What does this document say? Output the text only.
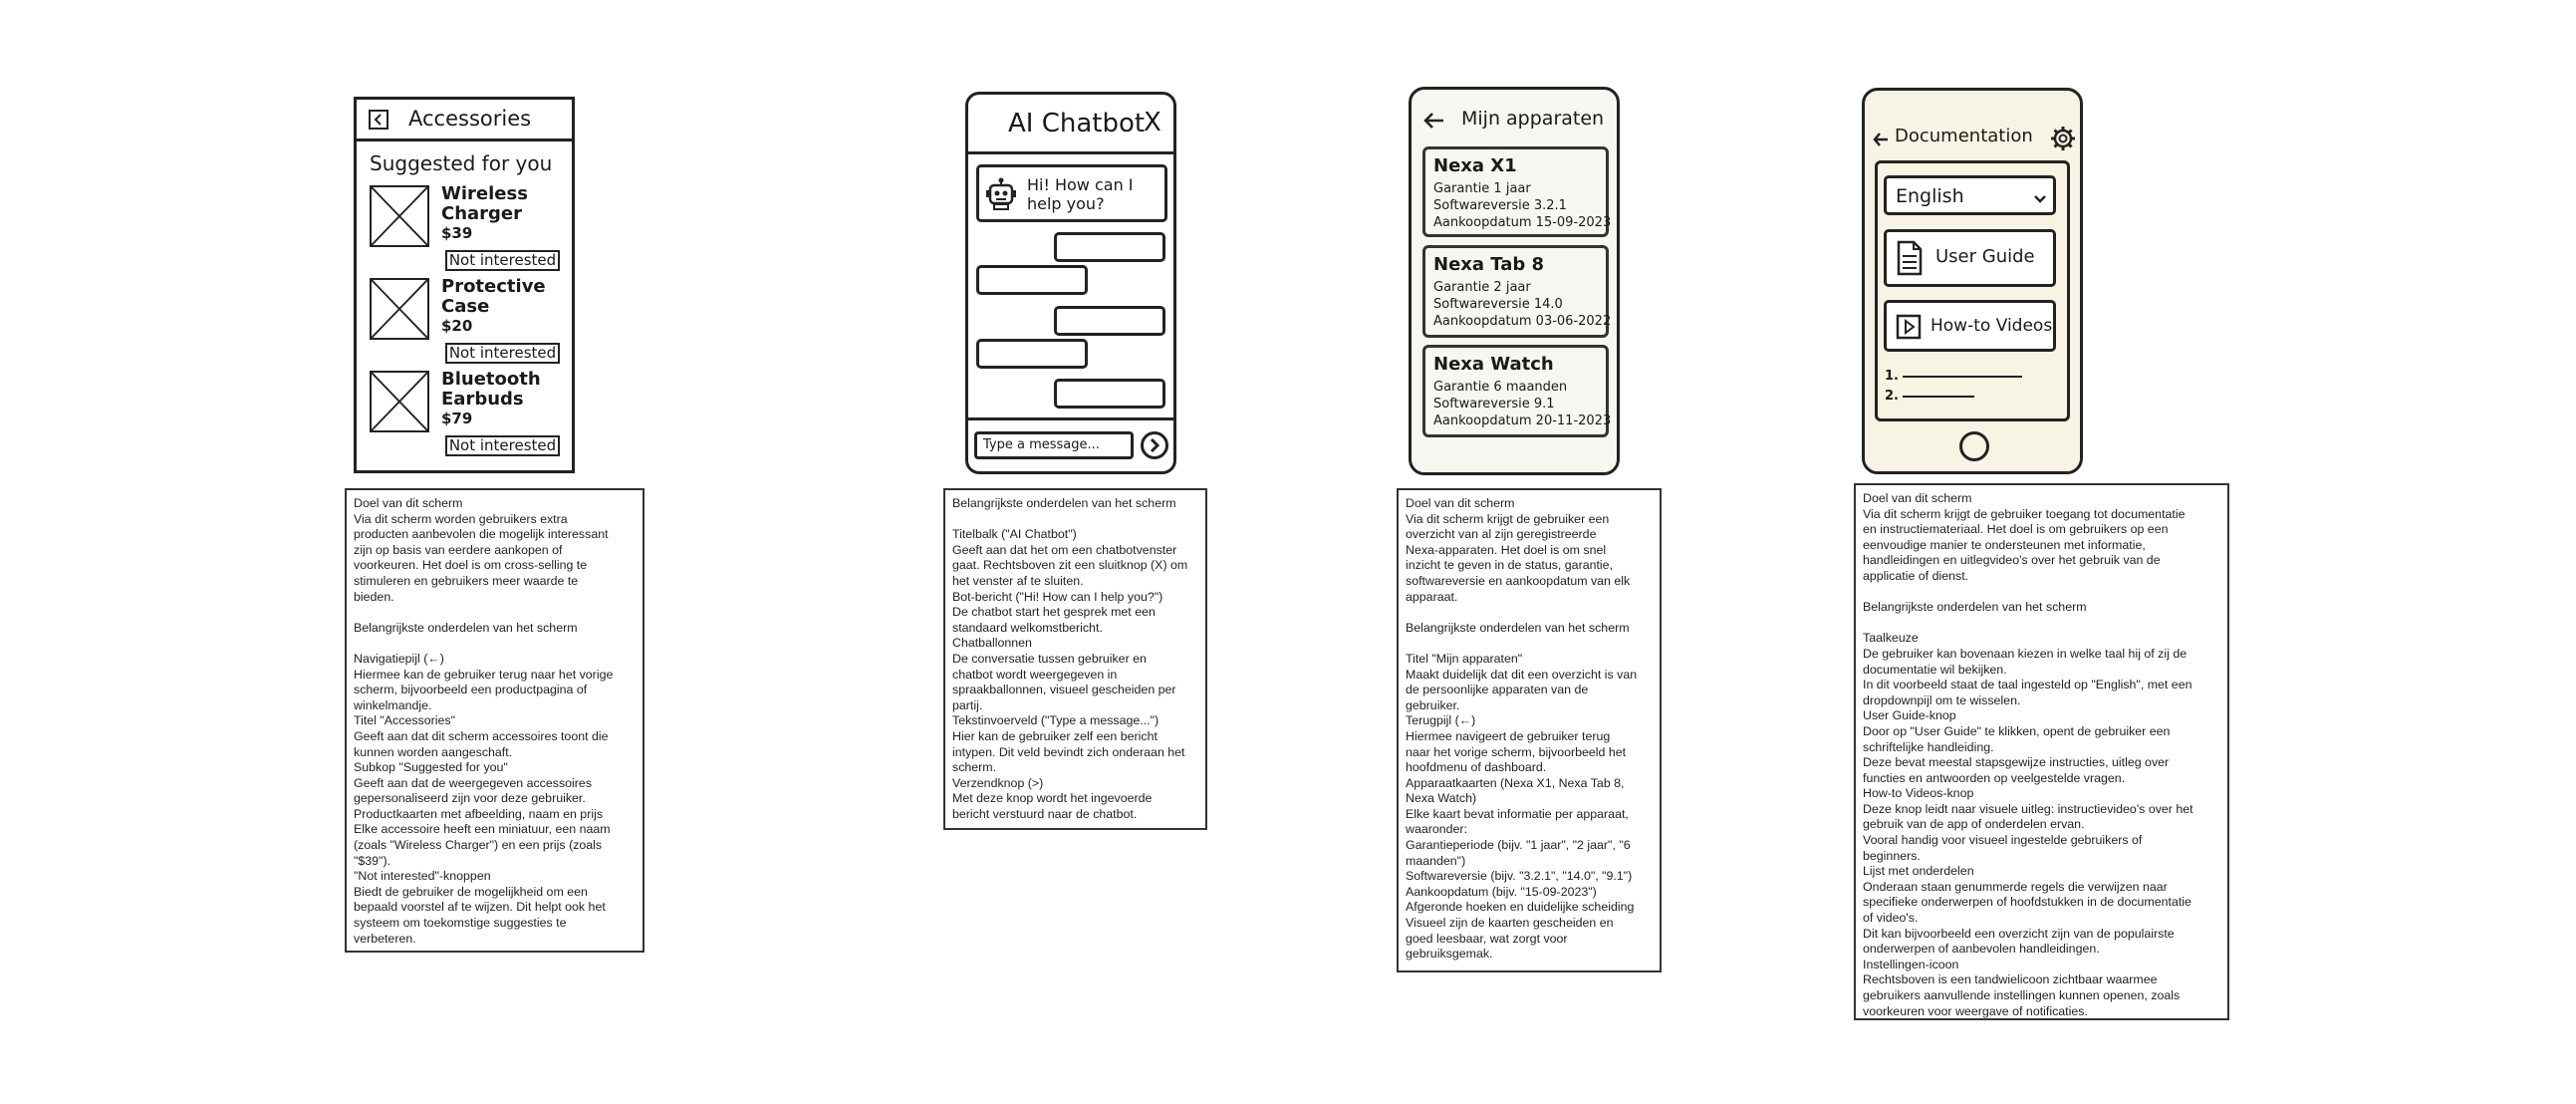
Accessories
Suggested for you
Wireless
Charger
$39
Not interested
Protective
Case
$20
Not interested
Bluetooth
Earbuds
$79
Not interested
Doel van dit scherm
Via dit scherm worden gebruikers extra
producten aanbevolen die mogelijk interessant
zijn op basis van eerdere aankopen of
voorkeuren. Het doel is om cross-selling te
stimuleren en gebruikers meer waarde te
bieden.

Belangrijkste onderdelen van het scherm

Navigatiepijl (←)
Hiermee kan de gebruiker terug naar het vorige
scherm, bijvoorbeeld een productpagina of
winkelmandje.
Titel "Accessories"
Geeft aan dat dit scherm accessoires toont die
kunnen worden aangeschaft.
Subkop "Suggested for you"
Geeft aan dat de weergegeven accessoires
gepersonaliseerd zijn voor deze gebruiker.
Productkaarten met afbeelding, naam en prijs
Elke accessoire heeft een miniatuur, een naam
(zoals "Wireless Charger") en een prijs (zoals
"$39").
"Not interested"-knoppen
Biedt de gebruiker de mogelijkheid om een
bepaald voorstel af te wijzen. Dit helpt ook het
systeem om toekomstige suggesties te
verbeteren.
AI Chatbot
X
Hi! How can I help you?
Type a message...
Belangrijkste onderdelen van het scherm

Titelbalk ("AI Chatbot")
Geeft aan dat het om een chatbotvenster
gaat. Rechtsboven zit een sluitknop (X) om
het venster af te sluiten.
Bot-bericht ("Hi! How can I help you?")
De chatbot start het gesprek met een
standaard welkomstbericht.
Chatballonnen
De conversatie tussen gebruiker en
chatbot wordt weergegeven in
spraakballonnen, visueel gescheiden per
partij.
Tekstinvoerveld ("Type a message...")
Hier kan de gebruiker zelf een bericht
intypen. Dit veld bevindt zich onderaan het
scherm.
Verzendknop (>)
Met deze knop wordt het ingevoerde
bericht verstuurd naar de chatbot.
Mijn apparaten
Nexa X1
Garantie 1 jaar
Softwareversie 3.2.1
Aankoopdatum 15-09-2023
Nexa Tab 8
Garantie 2 jaar
Softwareversie 14.0
Aankoopdatum 03-06-2022
Nexa Watch
Garantie 6 maanden
Softwareversie 9.1
Aankoopdatum 20-11-2023
Doel van dit scherm
Via dit scherm krijgt de gebruiker een
overzicht van al zijn geregistreerde
Nexa-apparaten. Het doel is om snel
inzicht te geven in de status, garantie,
softwareversie en aankoopdatum van elk
apparaat.

Belangrijkste onderdelen van het scherm

Titel "Mijn apparaten"
Maakt duidelijk dat dit een overzicht is van
de persoonlijke apparaten van de
gebruiker.
Terugpijl (←)
Hiermee navigeert de gebruiker terug
naar het vorige scherm, bijvoorbeeld het
hoofdmenu of dashboard.
Apparaatkaarten (Nexa X1, Nexa Tab 8,
Nexa Watch)
Elke kaart bevat informatie per apparaat,
waaronder:
Garantieperiode (bijv. "1 jaar", "2 jaar", "6
maanden")
Softwareversie (bijv. "3.2.1", "14.0", "9.1")
Aankoopdatum (bijv. "15-09-2023")
Afgeronde hoeken en duidelijke scheiding
Visueel zijn de kaarten gescheiden en
goed leesbaar, wat zorgt voor
gebruiksgemak.
Documentation
English
User Guide
How-to Videos
1.
2.
Doel van dit scherm
Via dit scherm krijgt de gebruiker toegang tot documentatie
en instructiemateriaal. Het doel is om gebruikers op een
eenvoudige manier te ondersteunen met informatie,
handleidingen en uitlegvideo's over het gebruik van de
applicatie of dienst.

Belangrijkste onderdelen van het scherm

Taalkeuze
De gebruiker kan bovenaan kiezen in welke taal hij of zij de
documentatie wil bekijken.
In dit voorbeeld staat de taal ingesteld op "English", met een
dropdownpijl om te wisselen.
User Guide-knop
Door op "User Guide" te klikken, opent de gebruiker een
schriftelijke handleiding.
Deze bevat meestal stapsgewijze instructies, uitleg over
functies en antwoorden op veelgestelde vragen.
How-to Videos-knop
Deze knop leidt naar visuele uitleg: instructievideo's over het
gebruik van de app of onderdelen ervan.
Vooral handig voor visueel ingestelde gebruikers of
beginners.
Lijst met onderdelen
Onderaan staan genummerde regels die verwijzen naar
specifieke onderwerpen of hoofdstukken in de documentatie
of video's.
Dit kan bijvoorbeeld een overzicht zijn van de populairste
onderwerpen of aanbevolen handleidingen.
Instellingen-icoon
Rechtsboven is een tandwielicoon zichtbaar waarmee
gebruikers aanvullende instellingen kunnen openen, zoals
voorkeuren voor weergave of notificaties.
